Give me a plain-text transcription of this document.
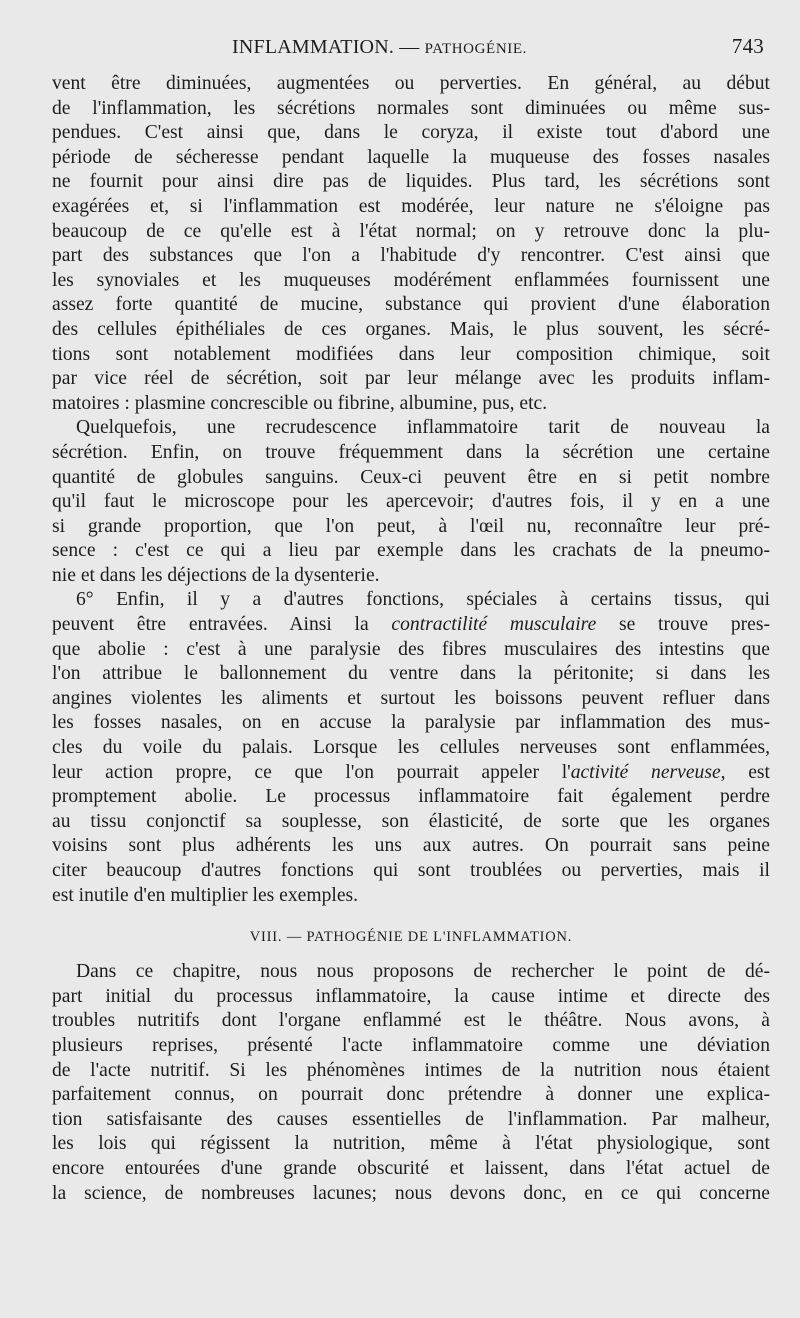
INFLAMMATION. — PATHOGÉNIE.	743
vent être diminuées, augmentées ou perverties. En général, au début
de l'inflammation, les sécrétions normales sont diminuées ou même sus-
pendues. C'est ainsi que, dans le coryza, il existe tout d'abord une
période de sécheresse pendant laquelle la muqueuse des fosses nasales
ne fournit pour ainsi dire pas de liquides. Plus tard, les sécrétions sont
exagérées et, si l'inflammation est modérée, leur nature ne s'éloigne pas
beaucoup de ce qu'elle est à l'état normal; on y retrouve donc la plu-
part des substances que l'on a l'habitude d'y rencontrer. C'est ainsi que
les synoviales et les muqueuses modérément enflammées fournissent une
assez forte quantité de mucine, substance qui provient d'une élaboration
des cellules épithéliales de ces organes. Mais, le plus souvent, les sécré-
tions sont notablement modifiées dans leur composition chimique, soit
par vice réel de sécrétion, soit par leur mélange avec les produits inflam-
matoires : plasmine concrescible ou fibrine, albumine, pus, etc.
Quelquefois, une recrudescence inflammatoire tarit de nouveau la
sécrétion. Enfin, on trouve fréquemment dans la sécrétion une certaine
quantité de globules sanguins. Ceux-ci peuvent être en si petit nombre
qu'il faut le microscope pour les apercevoir; d'autres fois, il y en a une
si grande proportion, que l'on peut, à l'œil nu, reconnaître leur pré-
sence : c'est ce qui a lieu par exemple dans les crachats de la pneumo-
nie et dans les déjections de la dysenterie.
6° Enfin, il y a d'autres fonctions, spéciales à certains tissus, qui
peuvent être entravées. Ainsi la contractilité musculaire se trouve pres-
que abolie : c'est à une paralysie des fibres musculaires des intestins que
l'on attribue le ballonnement du ventre dans la péritonite; si dans les
angines violentes les aliments et surtout les boissons peuvent refluer dans
les fosses nasales, on en accuse la paralysie par inflammation des mus-
cles du voile du palais. Lorsque les cellules nerveuses sont enflammées,
leur action propre, ce que l'on pourrait appeler l'activité nerveuse, est
promptement abolie. Le processus inflammatoire fait également perdre
au tissu conjonctif sa souplesse, son élasticité, de sorte que les organes
voisins sont plus adhérents les uns aux autres. On pourrait sans peine
citer beaucoup d'autres fonctions qui sont troublées ou perverties, mais il
est inutile d'en multiplier les exemples.
VIII. — PATHOGÉNIE DE L'INFLAMMATION.
Dans ce chapitre, nous nous proposons de rechercher le point de dé-
part initial du processus inflammatoire, la cause intime et directe des
troubles nutritifs dont l'organe enflammé est le théâtre. Nous avons, à
plusieurs reprises, présenté l'acte inflammatoire comme une déviation
de l'acte nutritif. Si les phénomènes intimes de la nutrition nous étaient
parfaitement connus, on pourrait donc prétendre à donner une explica-
tion satisfaisante des causes essentielles de l'inflammation. Par malheur,
les lois qui régissent la nutrition, même à l'état physiologique, sont
encore entourées d'une grande obscurité et laissent, dans l'état actuel de
la science, de nombreuses lacunes; nous devons donc, en ce qui concerne
